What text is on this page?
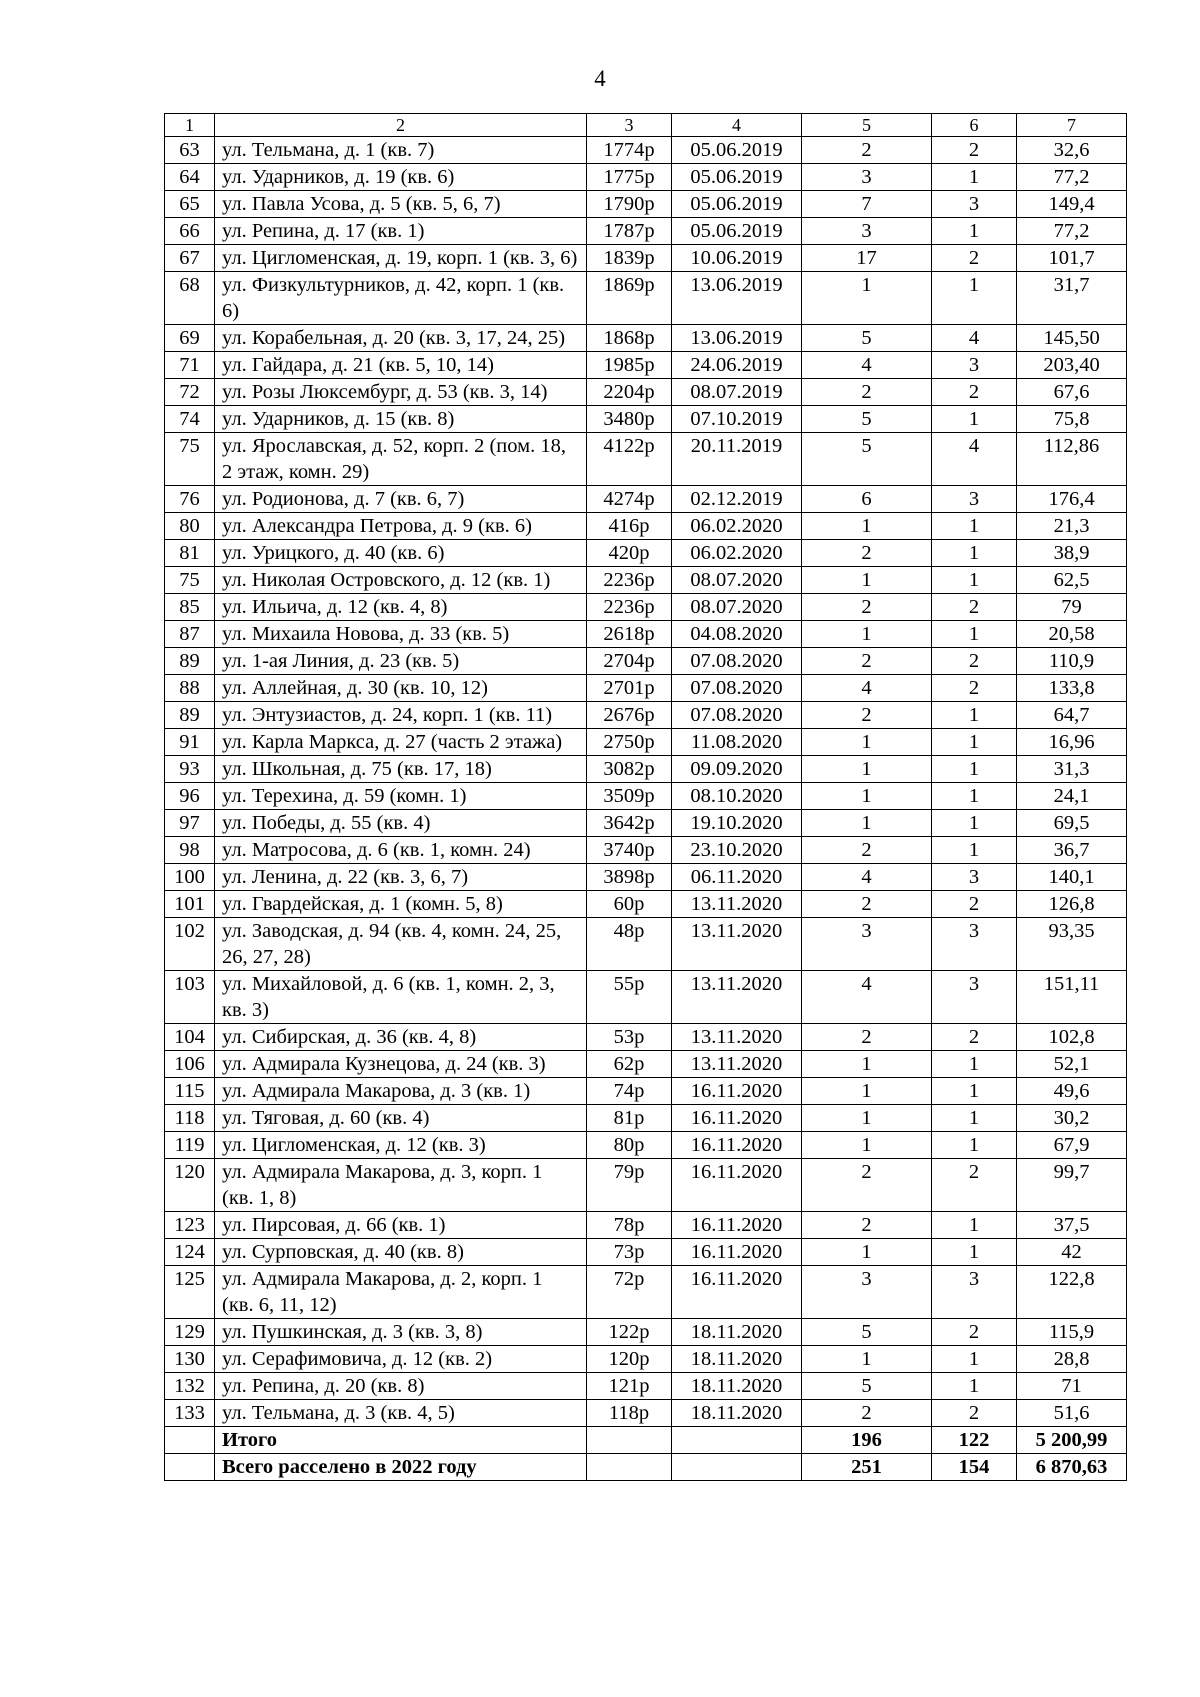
4
1	2	3	4	5	6	7
63	ул. Тельмана, д. 1 (кв. 7)	1774р	05.06.2019	2	2	32,6
64	ул. Ударников, д. 19 (кв. 6)	1775р	05.06.2019	3	1	77,2
65	ул. Павла Усова, д. 5 (кв. 5, 6, 7)	1790р	05.06.2019	7	3	149,4
66	ул. Репина, д. 17 (кв. 1)	1787р	05.06.2019	3	1	77,2
67	ул. Цигломенская, д. 19, корп. 1 (кв. 3, 6)	1839р	10.06.2019	17	2	101,7
68	ул. Физкультурников, д. 42, корп. 1 (кв. 6)	1869р	13.06.2019	1	1	31,7
69	ул. Корабельная, д. 20 (кв. 3, 17, 24, 25)	1868р	13.06.2019	5	4	145,50
71	ул. Гайдара, д. 21 (кв. 5, 10, 14)	1985р	24.06.2019	4	3	203,40
72	ул. Розы Люксембург, д. 53 (кв. 3, 14)	2204р	08.07.2019	2	2	67,6
74	ул. Ударников, д. 15 (кв. 8)	3480р	07.10.2019	5	1	75,8
75	ул. Ярославская, д. 52, корп. 2 (пом. 18, 2 этаж, комн. 29)	4122р	20.11.2019	5	4	112,86
76	ул. Родионова, д. 7 (кв. 6, 7)	4274р	02.12.2019	6	3	176,4
80	ул. Александра Петрова, д. 9 (кв. 6)	416р	06.02.2020	1	1	21,3
81	ул. Урицкого, д. 40 (кв. 6)	420р	06.02.2020	2	1	38,9
75	ул. Николая Островского, д. 12 (кв. 1)	2236р	08.07.2020	1	1	62,5
85	ул. Ильича, д. 12 (кв. 4, 8)	2236р	08.07.2020	2	2	79
87	ул. Михаила Новова, д. 33 (кв. 5)	2618р	04.08.2020	1	1	20,58
89	ул. 1-ая Линия, д. 23 (кв. 5)	2704р	07.08.2020	2	2	110,9
88	ул. Аллейная, д. 30 (кв. 10, 12)	2701р	07.08.2020	4	2	133,8
89	ул. Энтузиастов, д. 24, корп. 1 (кв. 11)	2676р	07.08.2020	2	1	64,7
91	ул. Карла Маркса, д. 27 (часть 2 этажа)	2750р	11.08.2020	1	1	16,96
93	ул. Школьная, д. 75 (кв. 17, 18)	3082р	09.09.2020	1	1	31,3
96	ул. Терехина, д. 59 (комн. 1)	3509р	08.10.2020	1	1	24,1
97	ул. Победы, д. 55 (кв. 4)	3642р	19.10.2020	1	1	69,5
98	ул. Матросова, д. 6 (кв. 1, комн. 24)	3740р	23.10.2020	2	1	36,7
100	ул. Ленина, д. 22 (кв. 3, 6, 7)	3898р	06.11.2020	4	3	140,1
101	ул. Гвардейская, д. 1 (комн. 5, 8)	60р	13.11.2020	2	2	126,8
102	ул. Заводская, д. 94 (кв. 4, комн. 24, 25, 26, 27, 28)	48р	13.11.2020	3	3	93,35
103	ул. Михайловой, д. 6 (кв. 1, комн. 2, 3, кв. 3)	55р	13.11.2020	4	3	151,11
104	ул. Сибирская, д. 36 (кв. 4, 8)	53р	13.11.2020	2	2	102,8
106	ул. Адмирала Кузнецова, д. 24 (кв. 3)	62р	13.11.2020	1	1	52,1
115	ул. Адмирала Макарова, д. 3 (кв. 1)	74р	16.11.2020	1	1	49,6
118	ул. Тяговая, д. 60 (кв. 4)	81р	16.11.2020	1	1	30,2
119	ул. Цигломенская, д. 12 (кв. 3)	80р	16.11.2020	1	1	67,9
120	ул. Адмирала Макарова, д. 3, корп. 1 (кв. 1, 8)	79р	16.11.2020	2	2	99,7
123	ул. Пирсовая, д. 66 (кв. 1)	78р	16.11.2020	2	1	37,5
124	ул. Сурповская, д. 40 (кв. 8)	73р	16.11.2020	1	1	42
125	ул. Адмирала Макарова, д. 2, корп. 1 (кв. 6, 11, 12)	72р	16.11.2020	3	3	122,8
129	ул. Пушкинская, д. 3 (кв. 3, 8)	122р	18.11.2020	5	2	115,9
130	ул. Серафимовича, д. 12 (кв. 2)	120р	18.11.2020	1	1	28,8
132	ул. Репина, д. 20 (кв. 8)	121р	18.11.2020	5	1	71
133	ул. Тельмана, д. 3 (кв. 4, 5)	118р	18.11.2020	2	2	51,6
	Итого			196	122	5 200,99
	Всего расселено в 2022 году			251	154	6 870,63
